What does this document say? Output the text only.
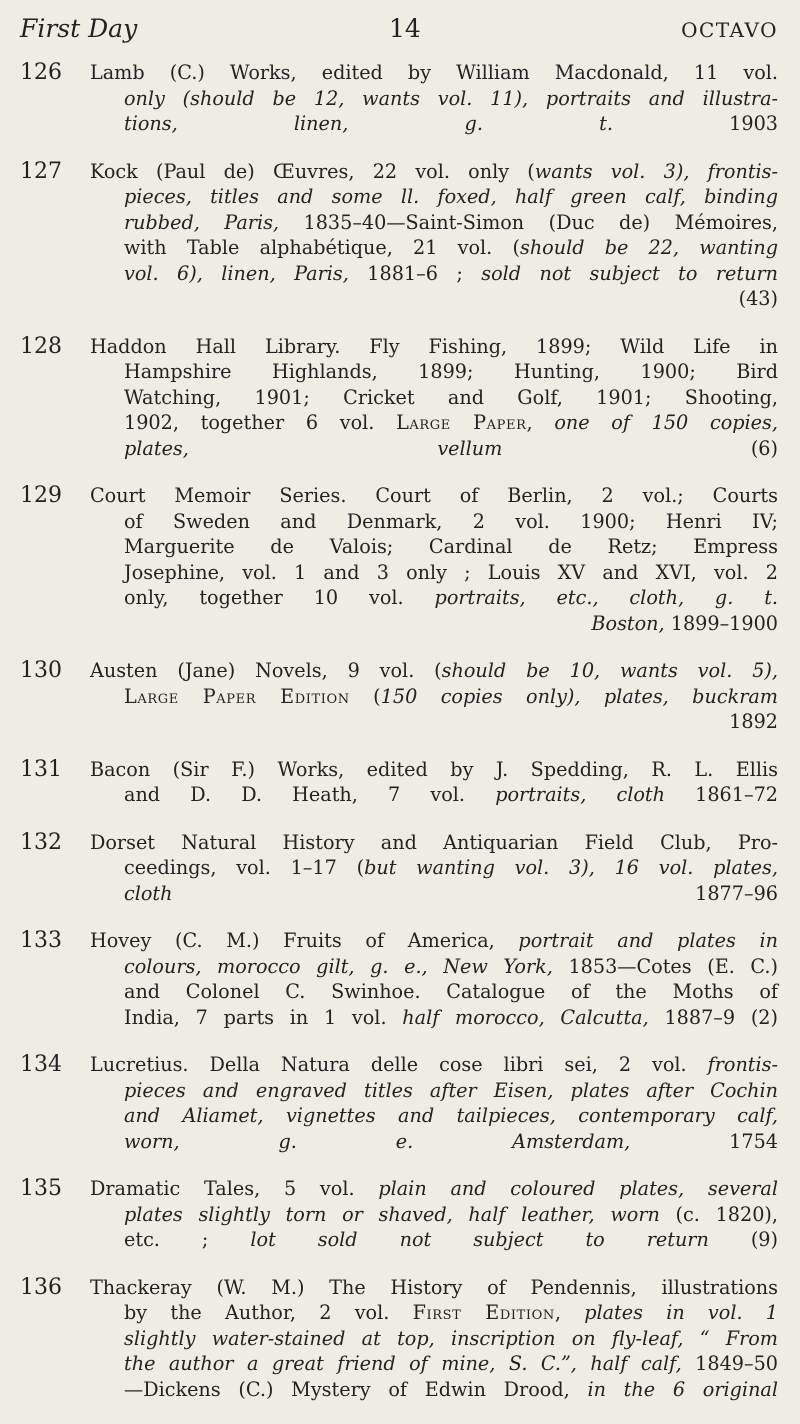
First Day	14	OCTAVO
126 Lamb (C.) Works, edited by William Macdonald, 11 vol.
only (should be 12, wants vol. 11), portraits and illustra-
tions, linen, g. t. 1903
127 Kock (Paul de) Œuvres, 22 vol. only (wants vol. 3), frontis-
pieces, titles and some ll. foxed, half green calf, binding
rubbed, Paris, 1835–40—Saint-Simon (Duc de) Mémoires,
with Table alphabétique, 21 vol. (should be 22, wanting
vol. 6), linen, Paris, 1881–6 ; sold not subject to return
(43)
128 Haddon Hall Library. Fly Fishing, 1899; Wild Life in
Hampshire Highlands, 1899; Hunting, 1900; Bird
Watching, 1901; Cricket and Golf, 1901; Shooting,
1902, together 6 vol. Large Paper, one of 150 copies,
plates, vellum (6)
129 Court Memoir Series. Court of Berlin, 2 vol.; Courts
of Sweden and Denmark, 2 vol. 1900; Henri IV;
Marguerite de Valois; Cardinal de Retz; Empress
Josephine, vol. 1 and 3 only ; Louis XV and XVI, vol. 2
only, together 10 vol. portraits, etc., cloth, g. t.
Boston, 1899–1900
130 Austen (Jane) Novels, 9 vol. (should be 10, wants vol. 5),
Large Paper Edition (150 copies only), plates, buckram
1892
131 Bacon (Sir F.) Works, edited by J. Spedding, R. L. Ellis
and D. D. Heath, 7 vol. portraits, cloth 1861–72
132 Dorset Natural History and Antiquarian Field Club, Pro-
ceedings, vol. 1–17 (but wanting vol. 3), 16 vol. plates,
cloth 1877–96
133 Hovey (C. M.) Fruits of America, portrait and plates in
colours, morocco gilt, g. e., New York, 1853—Cotes (E. C.)
and Colonel C. Swinhoe. Catalogue of the Moths of
India, 7 parts in 1 vol. half morocco, Calcutta, 1887–9 (2)
134 Lucretius. Della Natura delle cose libri sei, 2 vol. frontis-
pieces and engraved titles after Eisen, plates after Cochin
and Aliamet, vignettes and tailpieces, contemporary calf,
worn, g. e.	Amsterdam, 1754
135 Dramatic Tales, 5 vol. plain and coloured plates, several
plates slightly torn or shaved, half leather, worn (c. 1820),
etc. ; lot sold not subject to return (9)
136 Thackeray (W. M.) The History of Pendennis, illustrations
by the Author, 2 vol. First Edition, plates in vol. 1
slightly water-stained at top, inscription on fly-leaf, “ From
the author a great friend of mine, S. C.”, half calf, 1849–50
—Dickens (C.) Mystery of Edwin Drood, in the 6 original
